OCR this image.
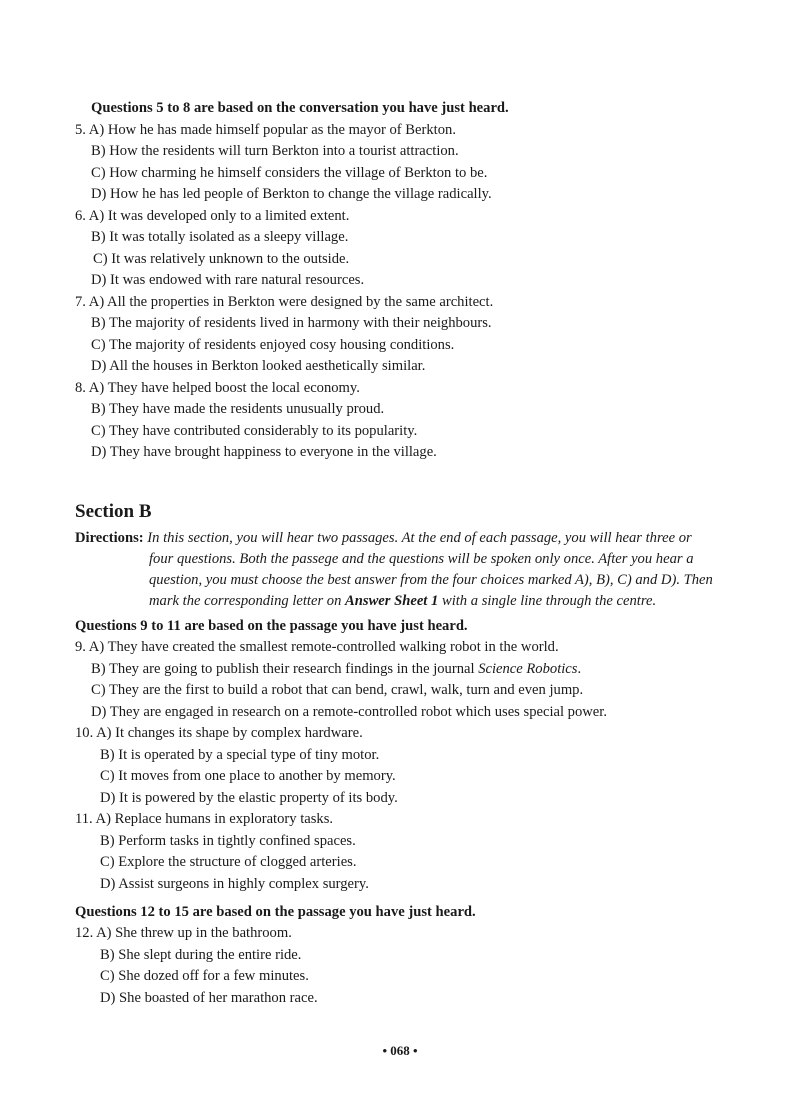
Questions 5 to 8 are based on the conversation you have just heard.
5. A) How he has made himself popular as the mayor of Berkton.
B) How the residents will turn Berkton into a tourist attraction.
C) How charming he himself considers the village of Berkton to be.
D) How he has led people of Berkton to change the village radically.
6. A) It was developed only to a limited extent.
B) It was totally isolated as a sleepy village.
C) It was relatively unknown to the outside.
D) It was endowed with rare natural resources.
7. A) All the properties in Berkton were designed by the same architect.
B) The majority of residents lived in harmony with their neighbours.
C) The majority of residents enjoyed cosy housing conditions.
D) All the houses in Berkton looked aesthetically similar.
8. A) They have helped boost the local economy.
B) They have made the residents unusually proud.
C) They have contributed considerably to its popularity.
D) They have brought happiness to everyone in the village.
Section B
Directions: In this section, you will hear two passages. At the end of each passage, you will hear three or
four questions. Both the passege and the questions will be spoken only once. After you hear a
question, you must choose the best answer from the four choices marked A), B), C) and D). Then
mark the corresponding letter on Answer Sheet 1 with a single line through the centre.
Questions 9 to 11 are based on the passage you have just heard.
9. A) They have created the smallest remote-controlled walking robot in the world.
B) They are going to publish their research findings in the journal Science Robotics.
C) They are the first to build a robot that can bend, crawl, walk, turn and even jump.
D) They are engaged in research on a remote-controlled robot which uses special power.
10. A) It changes its shape by complex hardware.
B) It is operated by a special type of tiny motor.
C) It moves from one place to another by memory.
D) It is powered by the elastic property of its body.
11. A) Replace humans in exploratory tasks.
B) Perform tasks in tightly confined spaces.
C) Explore the structure of clogged arteries.
D) Assist surgeons in highly complex surgery.
Questions 12 to 15 are based on the passage you have just heard.
12. A) She threw up in the bathroom.
B) She slept during the entire ride.
C) She dozed off for a few minutes.
D) She boasted of her marathon race.
• 068 •
